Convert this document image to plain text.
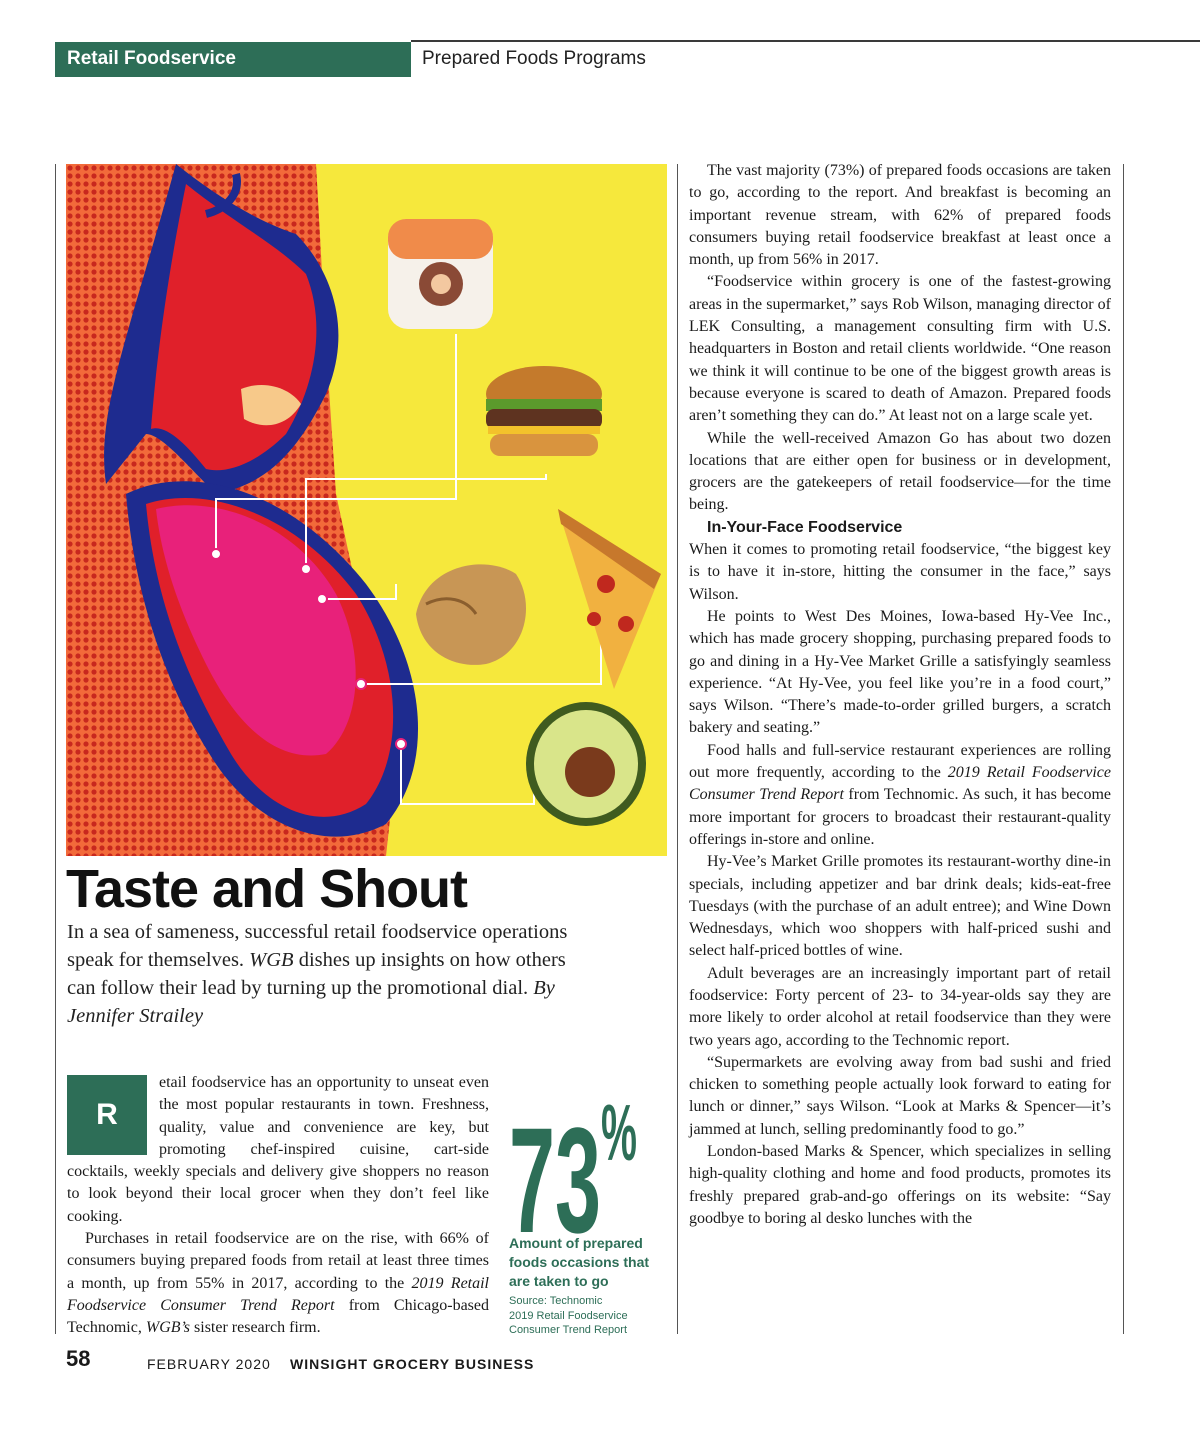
Retail Foodservice	Prepared Foods Programs
Taste and Shout

In a sea of sameness, successful retail foodservice operations speak for themselves. WGB dishes up insights on how others can follow their lead by turning up the promotional dial. By Jennifer Strailey

R

etail foodservice has an opportunity to unseat even the most popular restaurants in town. Freshness, quality, value and convenience are key, but promoting chef-inspired cuisine, cart-side cocktails, weekly specials and delivery give shoppers no reason to look beyond their local grocer when they don’t feel like cooking.

Purchases in retail foodservice are on the rise, with 66% of consumers buying prepared foods from retail at least three times a month, up from 55% in 2017, according to the 2019 Retail Foodservice Consumer Trend Report from Chicago-based Technomic, WGB’s sister research firm.

73 %

Amount of prepared foods occasions that are taken to go

Source: Technomic
2019 Retail Foodservice Consumer Trend Report

The vast majority (73%) of prepared foods occasions are taken to go, according to the report. And breakfast is becoming an important revenue stream, with 62% of prepared foods consumers buying retail foodservice breakfast at least once a month, up from 56% in 2017.

“Foodservice within grocery is one of the fastest-growing areas in the supermarket,” says Rob Wilson, managing director of LEK Consulting, a management consulting firm with U.S. headquarters in Boston and retail clients worldwide. “One reason we think it will continue to be one of the biggest growth areas is because everyone is scared to death of Amazon. Prepared foods aren’t something they can do.” At least not on a large scale yet.

While the well-received Amazon Go has about two dozen locations that are either open for business or in development, grocers are the gatekeepers of retail foodservice—for the time being.

In-Your-Face Foodservice

When it comes to promoting retail foodservice, “the biggest key is to have it in-store, hitting the consumer in the face,” says Wilson.

He points to West Des Moines, Iowa-based Hy-Vee Inc., which has made grocery shopping, purchasing prepared foods to go and dining in a Hy-Vee Market Grille a satisfyingly seamless experience. “At Hy-Vee, you feel like you’re in a food court,” says Wilson. “There’s made-to-order grilled burgers, a scratch bakery and seating.”

Food halls and full-service restaurant experiences are rolling out more frequently, according to the 2019 Retail Foodservice Consumer Trend Report from Technomic. As such, it has become more important for grocers to broadcast their restaurant-quality offerings in-store and online.

Hy-Vee’s Market Grille promotes its restaurant-worthy dine-in specials, including appetizer and bar drink deals; kids-eat-free Tuesdays (with the purchase of an adult entree); and Wine Down Wednesdays, which woo shoppers with half-priced sushi and select half-priced bottles of wine.

Adult beverages are an increasingly important part of retail foodservice: Forty percent of 23- to 34-year-olds say they are more likely to order alcohol at retail foodservice than they were two years ago, according to the Technomic report.

“Supermarkets are evolving away from bad sushi and fried chicken to something people actually look forward to eating for lunch or dinner,” says Wilson. “Look at Marks & Spencer—it’s jammed at lunch, selling predominantly food to go.”

London-based Marks & Spencer, which specializes in selling high-quality clothing and home and food products, promotes its freshly prepared grab-and-go offerings on its website: “Say goodbye to boring al desko lunches with the

58	FEBRUARY 2020 WINSIGHT GROCERY BUSINESS
